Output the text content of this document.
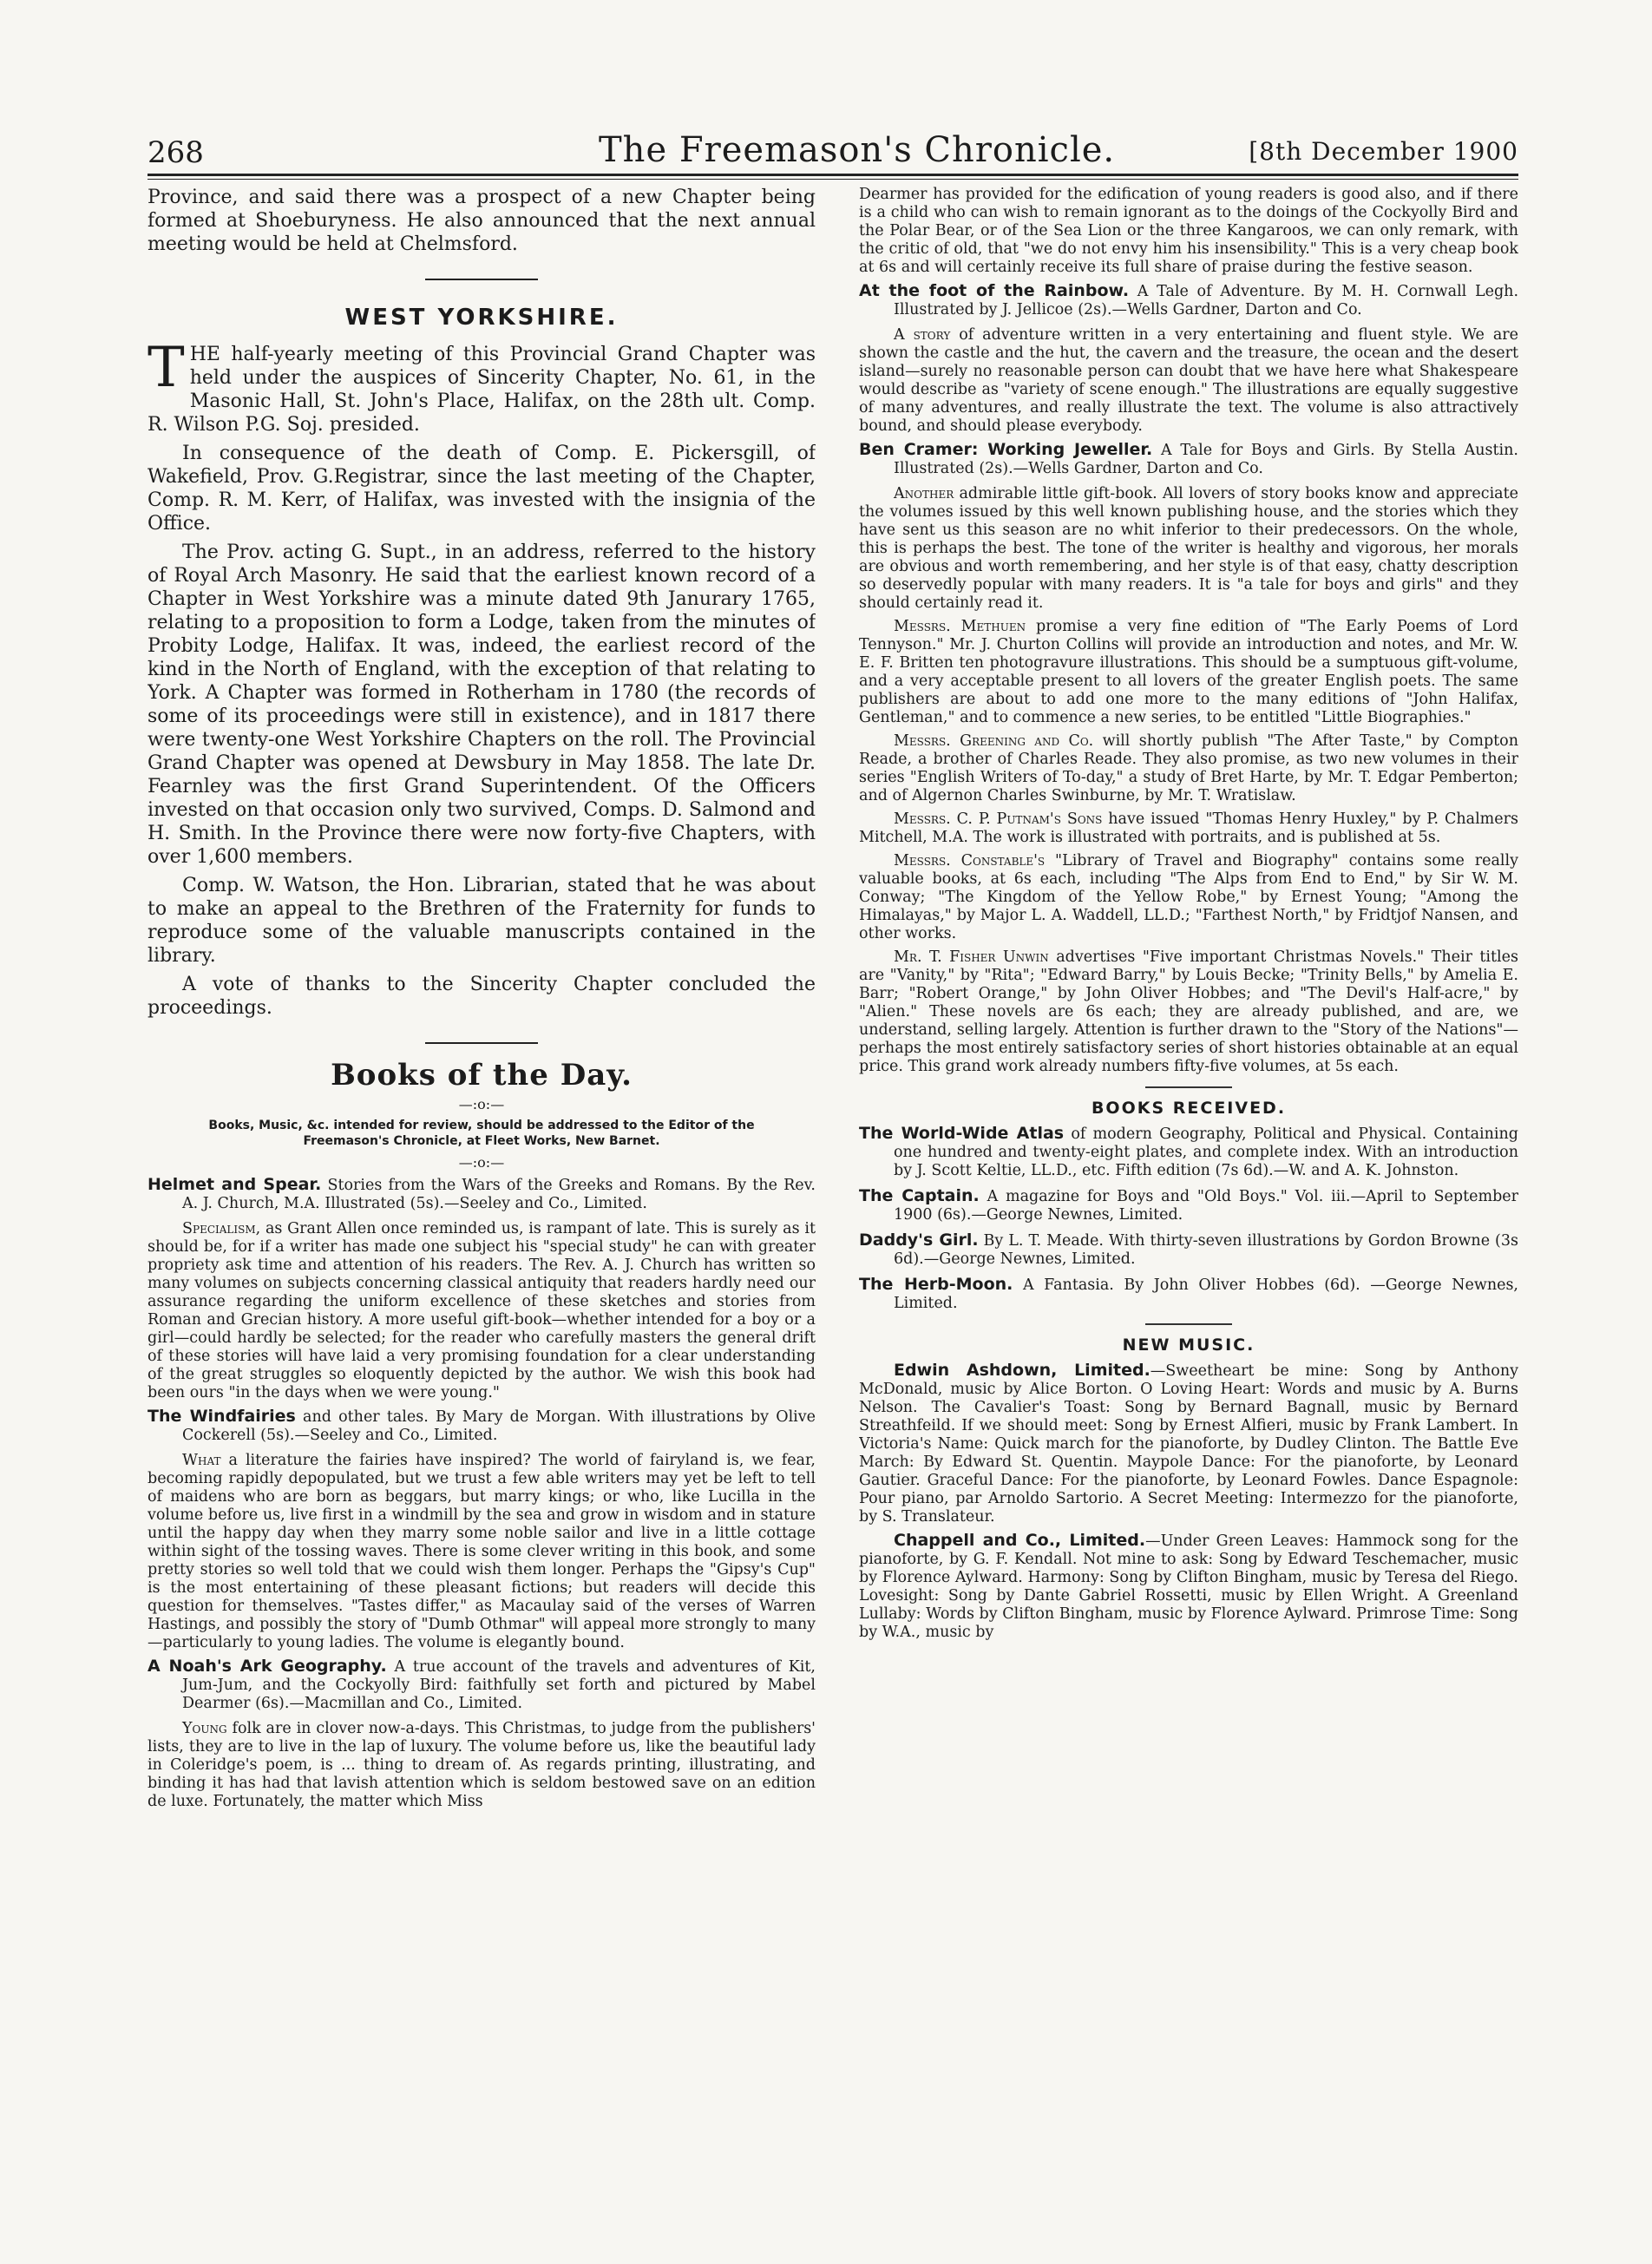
268	The Freemason's Chronicle.	[8th December 1900

Province, and said there was a prospect of a new Chapter being formed at Shoeburyness. He also announced that the next annual meeting would be held at Chelmsford.

WEST YORKSHIRE.

THE half-yearly meeting of this Provincial Grand Chapter was held under the auspices of Sincerity Chapter, No. 61, in the Masonic Hall, St. John's Place, Halifax, on the 28th ult. Comp. R. Wilson P.G. Soj. presided.

In consequence of the death of Comp. E. Pickersgill, of Wakefield, Prov. G.Registrar, since the last meeting of the Chapter, Comp. R. M. Kerr, of Halifax, was invested with the insignia of the Office.

The Prov. acting G. Supt., in an address, referred to the history of Royal Arch Masonry. He said that the earliest known record of a Chapter in West Yorkshire was a minute dated 9th Janurary 1765, relating to a proposition to form a Lodge, taken from the minutes of Probity Lodge, Halifax. It was, indeed, the earliest record of the kind in the North of England, with the exception of that relating to York. A Chapter was formed in Rotherham in 1780 (the records of some of its proceedings were still in existence), and in 1817 there were twenty-one West Yorkshire Chapters on the roll. The Provincial Grand Chapter was opened at Dewsbury in May 1858. The late Dr. Fearnley was the first Grand Superintendent. Of the Officers invested on that occasion only two survived, Comps. D. Salmond and H. Smith. In the Province there were now forty-five Chapters, with over 1,600 members.

Comp. W. Watson, the Hon. Librarian, stated that he was about to make an appeal to the Brethren of the Fraternity for funds to reproduce some of the valuable manuscripts contained in the library.

A vote of thanks to the Sincerity Chapter concluded the proceedings.

Books of the Day.
—:o:—
Books, Music, &c. intended for review, should be addressed to the Editor of the Freemason's Chronicle, at Fleet Works, New Barnet.
—:o:—
Helmet and Spear. Stories from the Wars of the Greeks and Romans. By the Rev. A. J. Church, M.A. Illustrated (5s).—Seeley and Co., Limited.

Specialism, as Grant Allen once reminded us, is rampant of late. This is surely as it should be, for if a writer has made one subject his "special study" he can with greater propriety ask time and attention of his readers. The Rev. A. J. Church has written so many volumes on subjects concerning classical antiquity that readers hardly need our assurance regarding the uniform excellence of these sketches and stories from Roman and Grecian history. A more useful gift-book—whether intended for a boy or a girl—could hardly be selected; for the reader who carefully masters the general drift of these stories will have laid a very promising foundation for a clear understanding of the great struggles so eloquently depicted by the author. We wish this book had been ours "in the days when we were young."

The Windfairies and other tales. By Mary de Morgan. With illustrations by Olive Cockerell (5s).—Seeley and Co., Limited.

What a literature the fairies have inspired? The world of fairyland is, we fear, becoming rapidly depopulated, but we trust a few able writers may yet be left to tell of maidens who are born as beggars, but marry kings; or who, like Lucilla in the volume before us, live first in a windmill by the sea and grow in wisdom and in stature until the happy day when they marry some noble sailor and live in a little cottage within sight of the tossing waves. There is some clever writing in this book, and some pretty stories so well told that we could wish them longer. Perhaps the "Gipsy's Cup" is the most entertaining of these pleasant fictions; but readers will decide this question for themselves. "Tastes differ," as Macaulay said of the verses of Warren Hastings, and possibly the story of "Dumb Othmar" will appeal more strongly to many—particularly to young ladies. The volume is elegantly bound.

A Noah's Ark Geography. A true account of the travels and adventures of Kit, Jum-Jum, and the Cockyolly Bird: faithfully set forth and pictured by Mabel Dearmer (6s).—Macmillan and Co., Limited.

Young folk are in clover now-a-days. This Christmas, to judge from the publishers' lists, they are to live in the lap of luxury. The volume before us, like the beautiful lady in Coleridge's poem, is ... thing to dream of. As regards printing, illustrating, and binding it has had that lavish attention which is seldom bestowed save on an edition de luxe. Fortunately, the matter which Miss

Dearmer has provided for the edification of young readers is good also, and if there is a child who can wish to remain ignorant as to the doings of the Cockyolly Bird and the Polar Bear, or of the Sea Lion or the three Kangaroos, we can only remark, with the critic of old, that "we do not envy him his insensibility." This is a very cheap book at 6s and will certainly receive its full share of praise during the festive season.

At the foot of the Rainbow. A Tale of Adventure. By M. H. Cornwall Legh. Illustrated by J. Jellicoe (2s).—Wells Gardner, Darton and Co.

A story of adventure written in a very entertaining and fluent style. We are shown the castle and the hut, the cavern and the treasure, the ocean and the desert island—surely no reasonable person can doubt that we have here what Shakespeare would describe as "variety of scene enough." The illustrations are equally suggestive of many adventures, and really illustrate the text. The volume is also attractively bound, and should please everybody.

Ben Cramer: Working Jeweller. A Tale for Boys and Girls. By Stella Austin. Illustrated (2s).—Wells Gardner, Darton and Co.

Another admirable little gift-book. All lovers of story books know and appreciate the volumes issued by this well known publishing house, and the stories which they have sent us this season are no whit inferior to their predecessors. On the whole, this is perhaps the best. The tone of the writer is healthy and vigorous, her morals are obvious and worth remembering, and her style is of that easy, chatty description so deservedly popular with many readers. It is "a tale for boys and girls" and they should certainly read it.

Messrs. Methuen promise a very fine edition of "The Early Poems of Lord Tennyson." Mr. J. Churton Collins will provide an introduction and notes, and Mr. W. E. F. Britten ten photogravure illustrations. This should be a sumptuous gift-volume, and a very acceptable present to all lovers of the greater English poets. The same publishers are about to add one more to the many editions of "John Halifax, Gentleman," and to commence a new series, to be entitled "Little Biographies."

Messrs. Greening and Co. will shortly publish "The After Taste," by Compton Reade, a brother of Charles Reade. They also promise, as two new volumes in their series "English Writers of To-day," a study of Bret Harte, by Mr. T. Edgar Pemberton; and of Algernon Charles Swinburne, by Mr. T. Wratislaw.

Messrs. C. P. Putnam's Sons have issued "Thomas Henry Huxley," by P. Chalmers Mitchell, M.A. The work is illustrated with portraits, and is published at 5s.

Messrs. Constable's "Library of Travel and Biography" contains some really valuable books, at 6s each, including "The Alps from End to End," by Sir W. M. Conway; "The Kingdom of the Yellow Robe," by Ernest Young; "Among the Himalayas," by Major L. A. Waddell, LL.D.; "Farthest North," by Fridtjof Nansen, and other works.

Mr. T. Fisher Unwin advertises "Five important Christmas Novels." Their titles are "Vanity," by "Rita"; "Edward Barry," by Louis Becke; "Trinity Bells," by Amelia E. Barr; "Robert Orange," by John Oliver Hobbes; and "The Devil's Half-acre," by "Alien." These novels are 6s each; they are already published, and are, we understand, selling largely. Attention is further drawn to the "Story of the Nations"—perhaps the most entirely satisfactory series of short histories obtainable at an equal price. This grand work already numbers fifty-five volumes, at 5s each.

BOOKS RECEIVED.
The World-Wide Atlas of modern Geography, Political and Physical. Containing one hundred and twenty-eight plates, and complete index. With an introduction by J. Scott Keltie, LL.D., etc. Fifth edition (7s 6d).—W. and A. K. Johnston.
The Captain. A magazine for Boys and "Old Boys." Vol. iii.—April to September 1900 (6s).—George Newnes, Limited.
Daddy's Girl. By L. T. Meade. With thirty-seven illustrations by Gordon Browne (3s 6d).—George Newnes, Limited.
The Herb-Moon. A Fantasia. By John Oliver Hobbes (6d). —George Newnes, Limited.
NEW MUSIC.

Edwin Ashdown, Limited.—Sweetheart be mine: Song by Anthony McDonald, music by Alice Borton. O Loving Heart: Words and music by A. Burns Nelson. The Cavalier's Toast: Song by Bernard Bagnall, music by Bernard Streathfeild. If we should meet: Song by Ernest Alfieri, music by Frank Lambert. In Victoria's Name: Quick march for the pianoforte, by Dudley Clinton. The Battle Eve March: By Edward St. Quentin. Maypole Dance: For the pianoforte, by Leonard Gautier. Graceful Dance: For the pianoforte, by Leonard Fowles. Dance Espagnole: Pour piano, par Arnoldo Sartorio. A Secret Meeting: Intermezzo for the pianoforte, by S. Translateur.

Chappell and Co., Limited.—Under Green Leaves: Hammock song for the pianoforte, by G. F. Kendall. Not mine to ask: Song by Edward Teschemacher, music by Florence Aylward. Harmony: Song by Clifton Bingham, music by Teresa del Riego. Lovesight: Song by Dante Gabriel Rossetti, music by Ellen Wright. A Greenland Lullaby: Words by Clifton Bingham, music by Florence Aylward. Primrose Time: Song by W.A., music by
